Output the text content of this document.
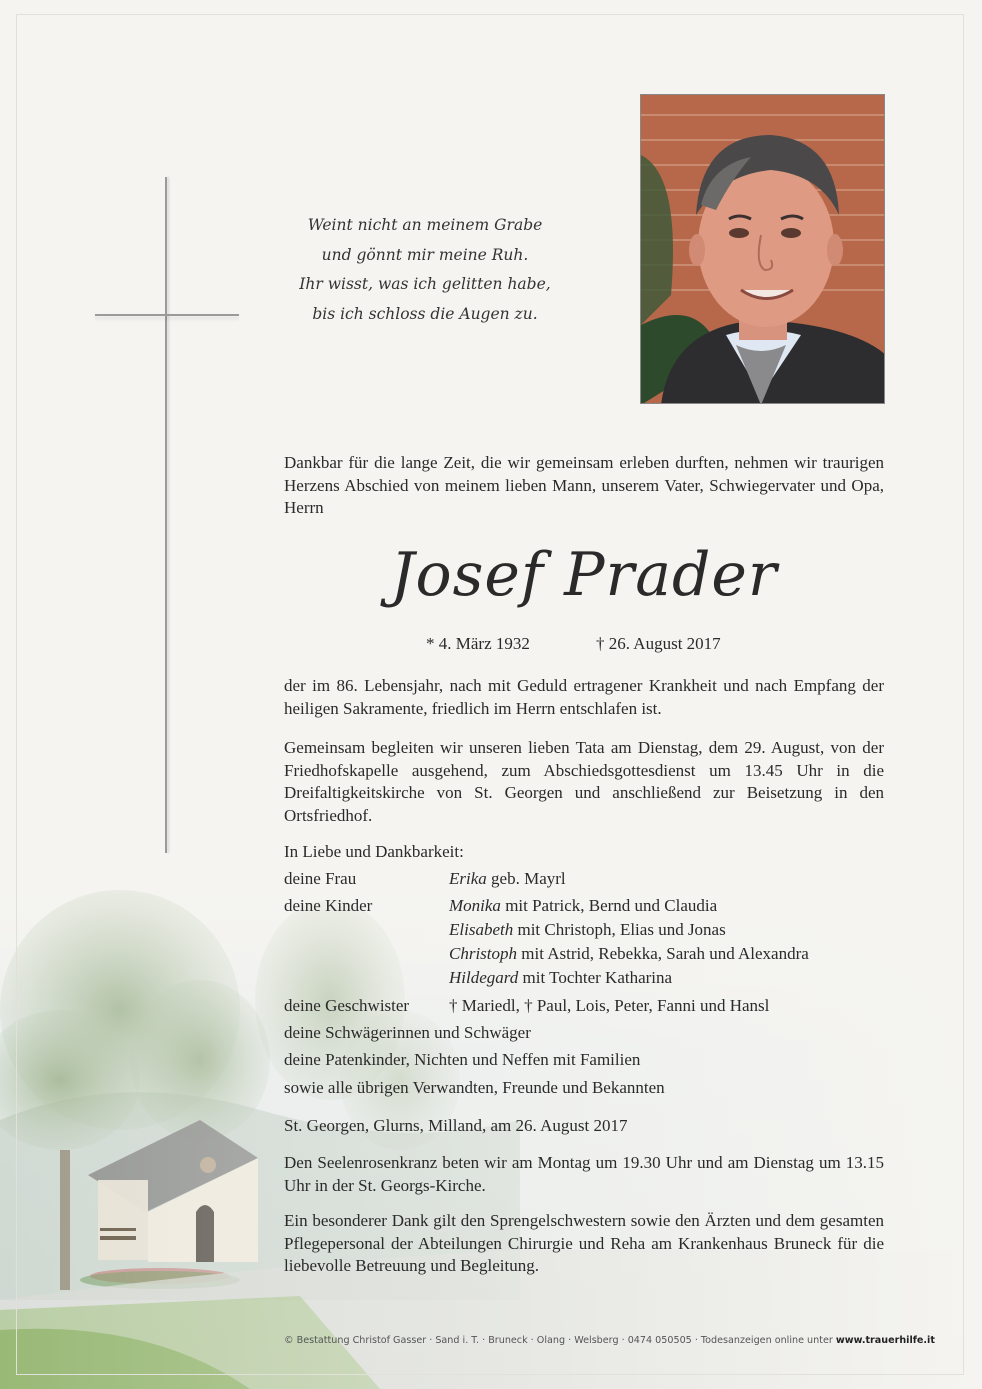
Weint nicht an meinem Grabe
und gönnt mir meine Ruh.
Ihr wisst, was ich gelitten habe,
bis ich schloss die Augen zu.
Dankbar für die lange Zeit, die wir gemeinsam erleben durften, nehmen wir traurigen Herzens Abschied von meinem lieben Mann, unserem Vater, Schwiegervater und Opa, Herrn
Josef Prader
* 4. März 1932	† 26. August 2017
der im 86. Lebensjahr, nach mit Geduld ertragener Krankheit und nach Empfang der heiligen Sakramente, friedlich im Herrn entschlafen ist.
Gemeinsam begleiten wir unseren lieben Tata am Dienstag, dem 29. August, von der Friedhofskapelle ausgehend, zum Abschiedsgottesdienst um 13.45 Uhr in die Dreifaltigkeitskirche von St. Georgen und anschließend zur Beisetzung in den Ortsfriedhof.
In Liebe und Dankbarkeit:
deine Frau	Erika geb. Mayrl
deine Kinder	Monika mit Patrick, Bernd und Claudia
Elisabeth mit Christoph, Elias und Jonas
Christoph mit Astrid, Rebekka, Sarah und Alexandra
Hildegard mit Tochter Katharina
deine Geschwister † Mariedl, † Paul, Lois, Peter, Fanni und Hansl
deine Schwägerinnen und Schwäger
deine Patenkinder, Nichten und Neffen mit Familien
sowie alle übrigen Verwandten, Freunde und Bekannten
St. Georgen, Glurns, Milland, am 26. August 2017
Den Seelenrosenkranz beten wir am Montag um 19.30 Uhr und am Dienstag um 13.15 Uhr in der St. Georgs-Kirche.
Ein besonderer Dank gilt den Sprengelschwestern sowie den Ärzten und dem gesamten Pflegepersonal der Abteilungen Chirurgie und Reha am Krankenhaus Bruneck für die liebevolle Betreuung und Begleitung.
© Bestattung Christof Gasser · Sand i. T. · Bruneck · Olang · Welsberg · 0474 050505 · Todesanzeigen online unter www.trauerhilfe.it
